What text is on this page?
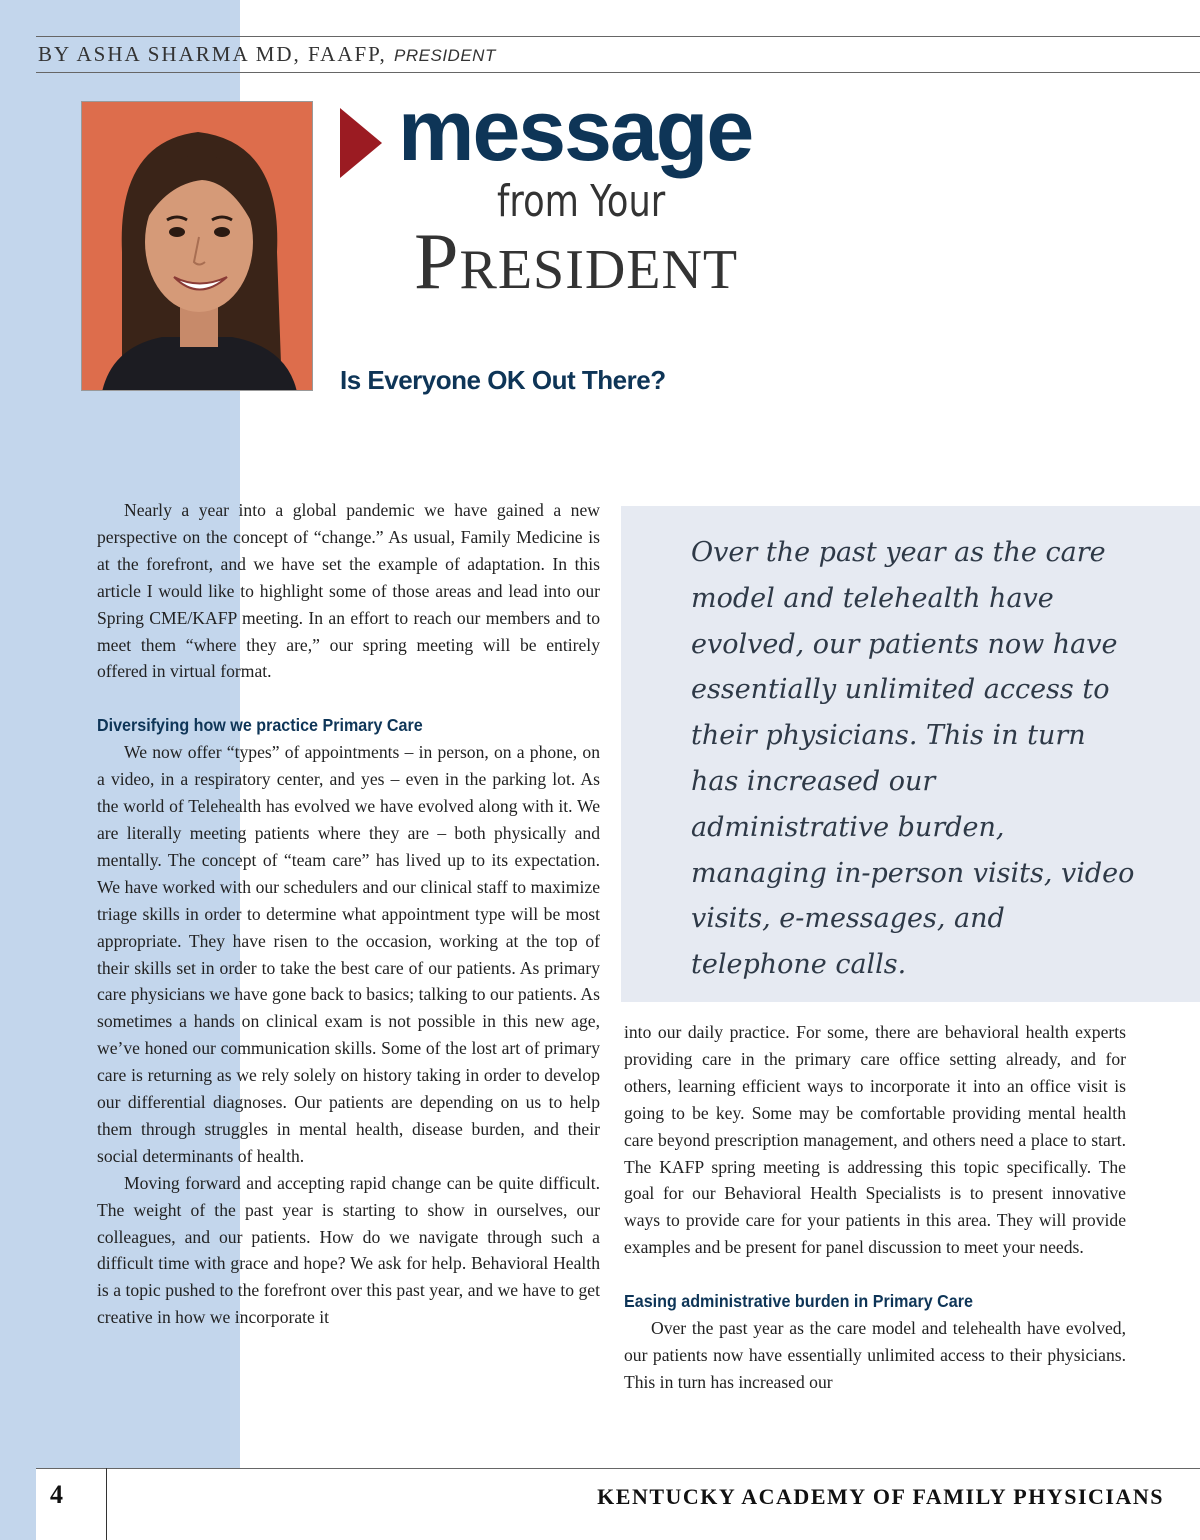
BY ASHA SHARMA MD, FAAFP, PRESIDENT
message
from Your
President
Is Everyone OK Out There?

Nearly a year into a global pandemic we have gained a new perspective on the concept of “change.” As usual, Family Medicine is at the forefront, and we have set the example of adaptation. In this article I would like to highlight some of those areas and lead into our Spring CME/KAFP meeting. In an effort to reach our members and to meet them “where they are,” our spring meeting will be entirely offered in virtual format.

Diversifying how we practice Primary Care

We now offer “types” of appointments – in person, on a phone, on a video, in a respiratory center, and yes – even in the parking lot. As the world of Telehealth has evolved we have evolved along with it. We are literally meeting patients where they are – both physically and mentally. The concept of “team care” has lived up to its expectation. We have worked with our schedulers and our clinical staff to maximize triage skills in order to determine what appointment type will be most appropriate. They have risen to the occasion, working at the top of their skills set in order to take the best care of our patients. As primary care physicians we have gone back to basics; talking to our patients. As sometimes a hands on clinical exam is not possible in this new age, we’ve honed our communication skills. Some of the lost art of primary care is returning as we rely solely on history taking in order to develop our differential diagnoses. Our patients are depending on us to help them through struggles in mental health, disease burden, and their social determinants of health.

Moving forward and accepting rapid change can be quite difficult. The weight of the past year is starting to show in ourselves, our colleagues, and our patients. How do we navigate through such a difficult time with grace and hope? We ask for help. Behavioral Health is a topic pushed to the forefront over this past year, and we have to get creative in how we incorporate it

Over the past year as the care model and telehealth have evolved, our patients now have essentially unlimited access to their physicians. This in turn has increased our administrative burden, managing in-person visits, video visits, e-messages, and telephone calls.

into our daily practice. For some, there are behavioral health experts providing care in the primary care office setting already, and for others, learning efficient ways to incorporate it into an office visit is going to be key. Some may be comfortable providing mental health care beyond prescription management, and others need a place to start. The KAFP spring meeting is addressing this topic specifically. The goal for our Behavioral Health Specialists is to present innovative ways to provide care for your patients in this area. They will provide examples and be present for panel discussion to meet your needs.

Easing administrative burden in Primary Care

Over the past year as the care model and telehealth have evolved, our patients now have essentially unlimited access to their physicians. This in turn has increased our

4	KENTUCKY ACADEMY OF FAMILY PHYSICIANS
